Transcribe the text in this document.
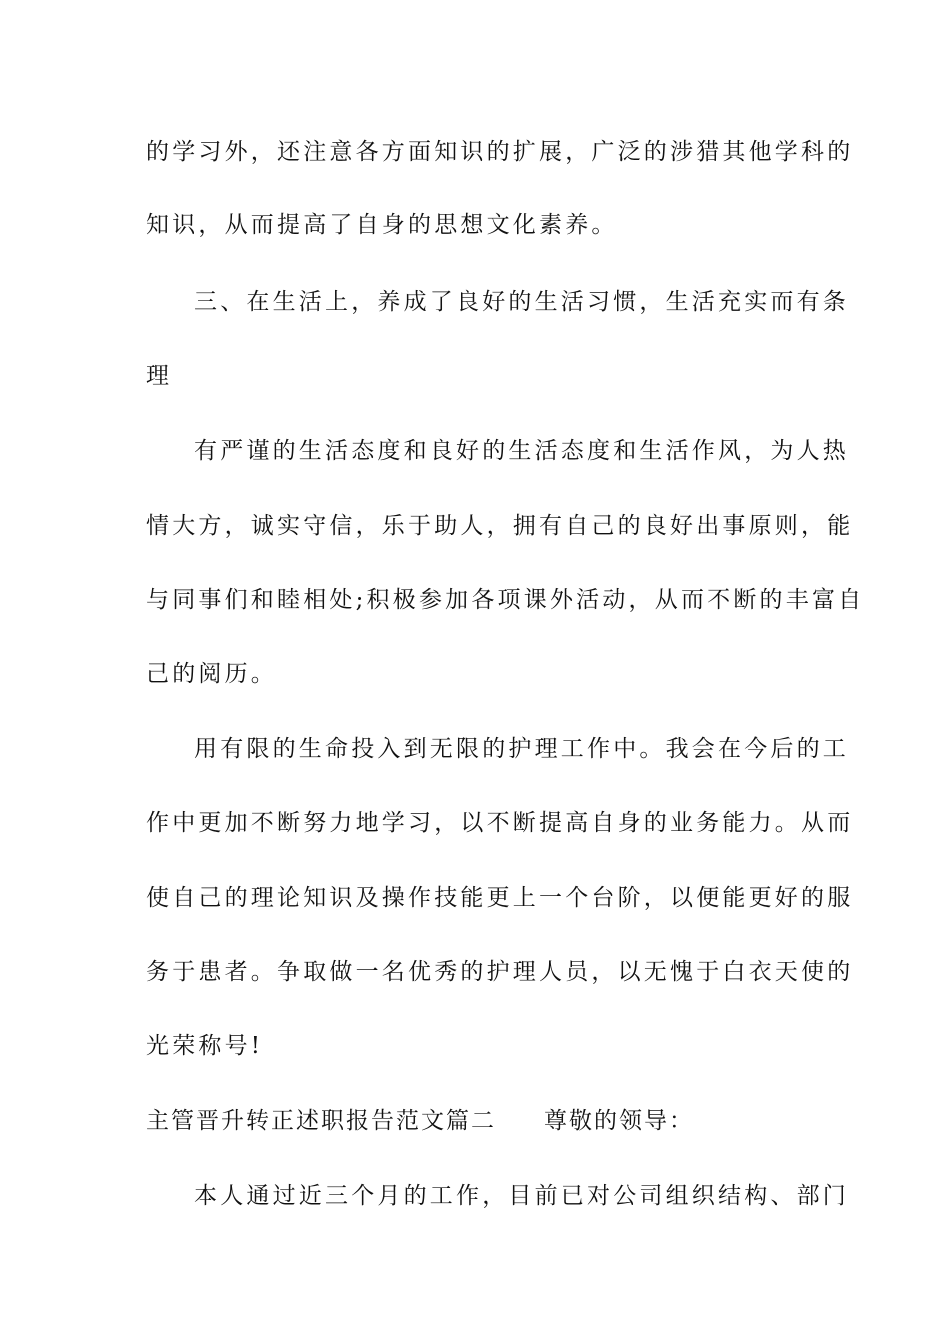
的学习外，还注意各方面知识的扩展，广泛的涉猎其他学科的
知识，从而提高了自身的思想文化素养。
三、在生活上，养成了良好的生活习惯，生活充实而有条
理
有严谨的生活态度和良好的生活态度和生活作风，为人热
情大方，诚实守信，乐于助人，拥有自己的良好出事原则，能
与同事们和睦相处;积极参加各项课外活动，从而不断的丰富自
己的阅历。
用有限的生命投入到无限的护理工作中。我会在今后的工
作中更加不断努力地学习，以不断提高自身的业务能力。从而
使自己的理论知识及操作技能更上一个台阶，以便能更好的服
务于患者。争取做一名优秀的护理人员，以无愧于白衣天使的
光荣称号!
主管晋升转正述职报告范文篇二 尊敬的领导：
本人通过近三个月的工作，目前已对公司组织结构、部门
